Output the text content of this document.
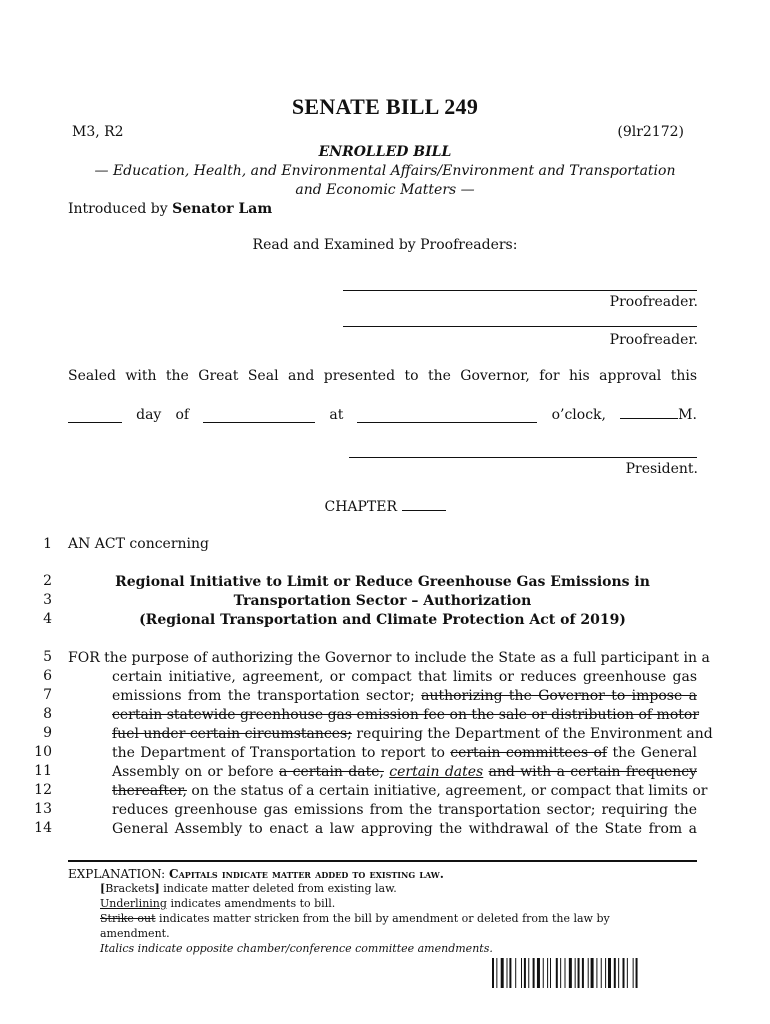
SENATE BILL 249
M3, R2	(9lr2172)
ENROLLED BILL
— Education, Health, and Environmental Affairs/Environment and Transportation
and Economic Matters —
Introduced by Senator Lam
Read and Examined by Proofreaders:
Proofreader.
Proofreader.
Sealed with the Great Seal and presented to the Governor, for his approval this
day of	at	o’clock,	M.
President.
CHAPTER
1
2
3
4
5
6
7
8
9
10
11
12
13
14
AN ACT concerning
Regional Initiative to Limit or Reduce Greenhouse Gas Emissions in
Transportation Sector – Authorization
(Regional Transportation and Climate Protection Act of 2019)
FOR the purpose of authorizing the Governor to include the State as a full participant in a
certain initiative, agreement, or compact that limits or reduces greenhouse gas
emissions from the transportation sector; authorizing the Governor to impose a
certain statewide greenhouse gas emission fee on the sale or distribution of motor
fuel under certain circumstances; requiring the Department of the Environment and
the Department of Transportation to report to certain committees of the General
Assembly on or before a certain date, certain dates and with a certain frequency
thereafter, on the status of a certain initiative, agreement, or compact that limits or
reduces greenhouse gas emissions from the transportation sector; requiring the
General Assembly to enact a law approving the withdrawal of the State from a
EXPLANATION: Capitals indicate matter added to existing law.
[Brackets] indicate matter deleted from existing law.
Underlining indicates amendments to bill.
Strike out indicates matter stricken from the bill by amendment or deleted from the law by
amendment.
Italics indicate opposite chamber/conference committee amendments.
